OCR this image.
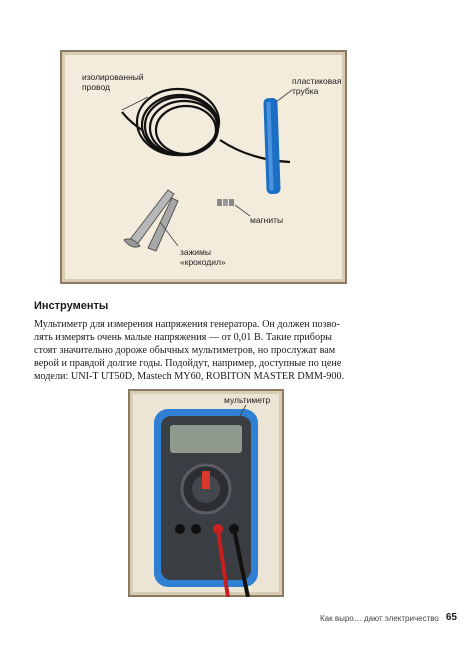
изолированный
провод
пластиковая
трубка
магниты
зажимы
«крокодил»
Инструменты
Мультиметр для измерения напряжения генератора. Он должен позво-
лять измерять очень малые напряжения — от 0,01 В. Такие приборы
стоят значительно дороже обычных мультиметров, но прослужат вам
верой и правдой долгие годы. Подойдут, например, доступные по цене
модели: UNI-T UT50D, Mastech MY60, ROBITON MASTER DMM-900.
мультиметр
Как выро… дают электричество 65
